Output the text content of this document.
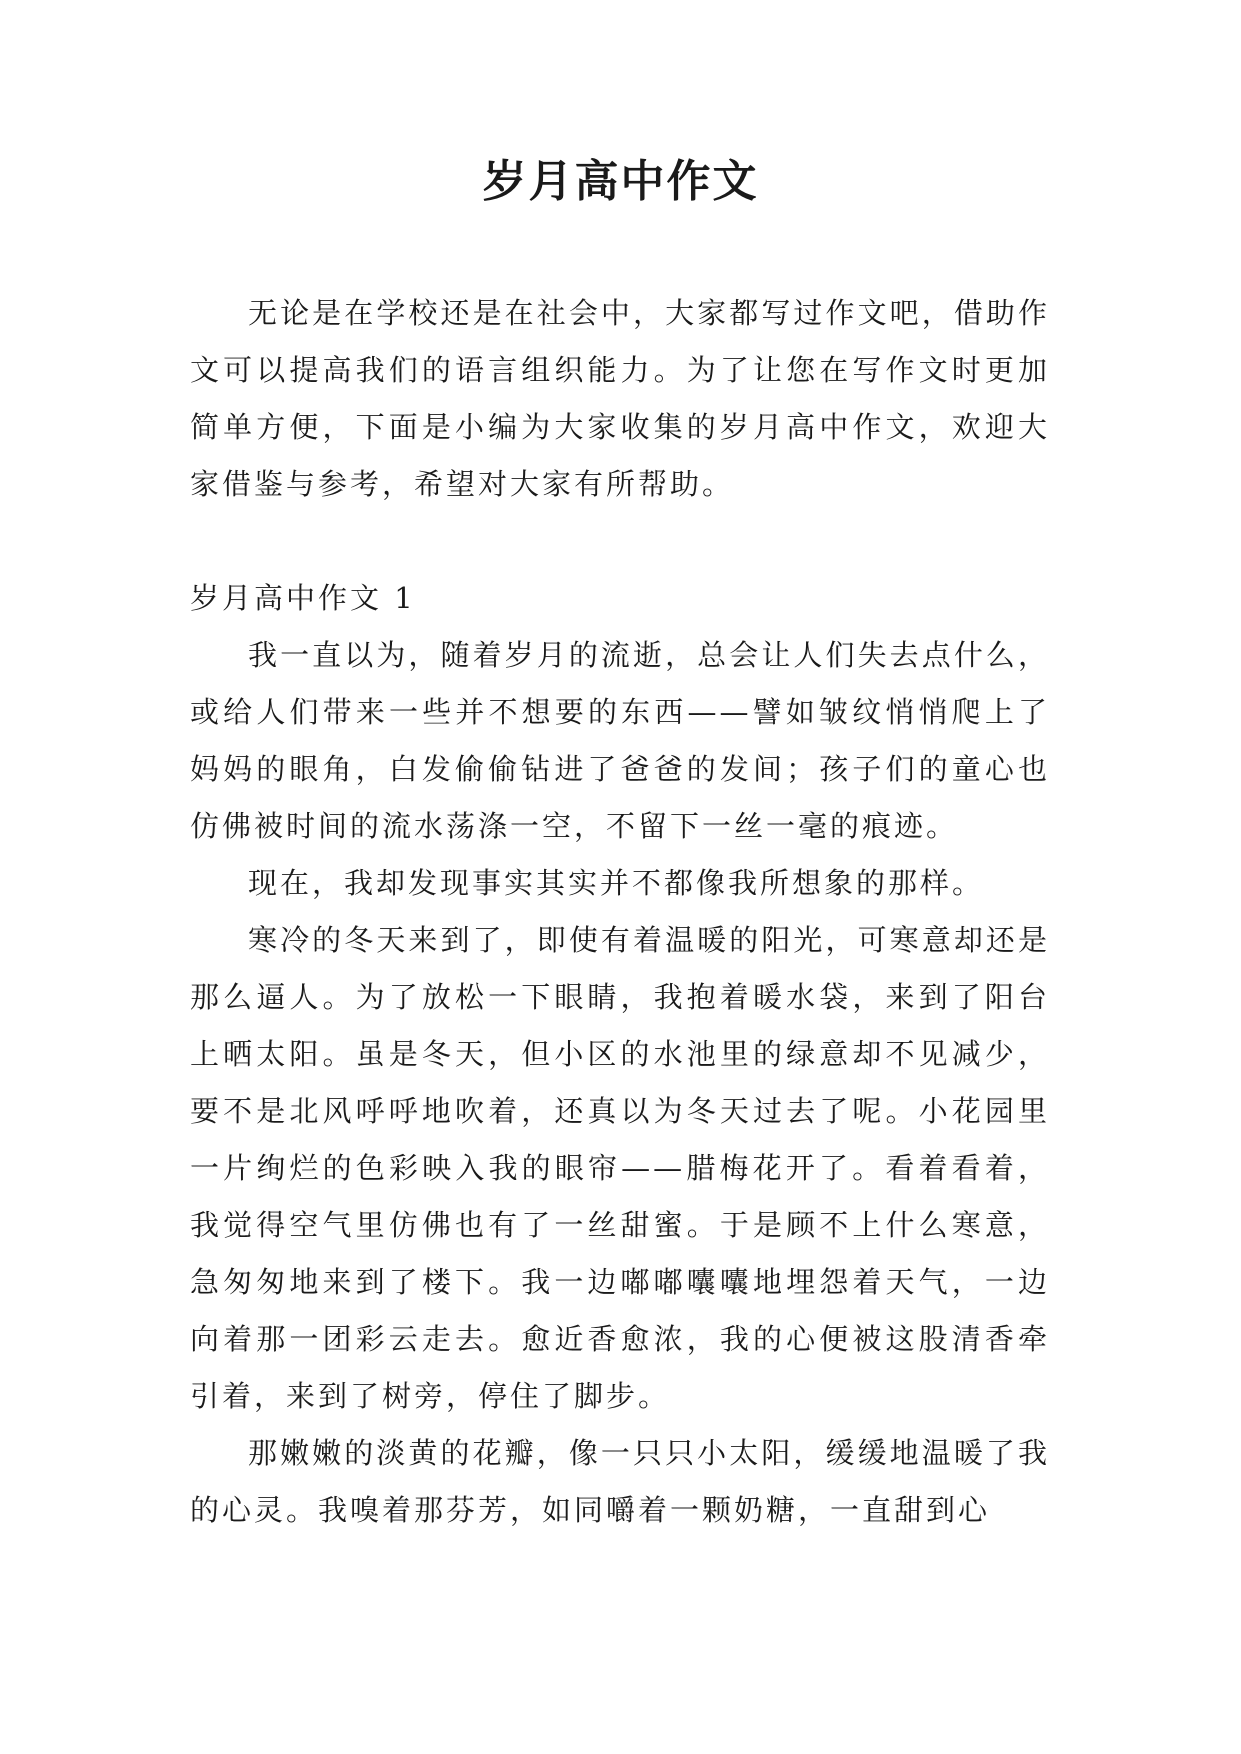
岁月高中作文

无论是在学校还是在社会中，大家都写过作文吧，借助作文可以提高我们的语言组织能力。为了让您在写作文时更加简单方便，下面是小编为大家收集的岁月高中作文，欢迎大家借鉴与参考，希望对大家有所帮助。

岁月高中作文 1

我一直以为，随着岁月的流逝，总会让人们失去点什么，或给人们带来一些并不想要的东西——譬如皱纹悄悄爬上了妈妈的眼角，白发偷偷钻进了爸爸的发间；孩子们的童心也仿佛被时间的流水荡涤一空，不留下一丝一毫的痕迹。

现在，我却发现事实其实并不都像我所想象的那样。

寒冷的冬天来到了，即使有着温暖的阳光，可寒意却还是那么逼人。为了放松一下眼睛，我抱着暖水袋，来到了阳台上晒太阳。虽是冬天，但小区的水池里的绿意却不见减少，要不是北风呼呼地吹着，还真以为冬天过去了呢。小花园里一片绚烂的色彩映入我的眼帘——腊梅花开了。看着看着，我觉得空气里仿佛也有了一丝甜蜜。于是顾不上什么寒意，急匆匆地来到了楼下。我一边嘟嘟囔囔地埋怨着天气，一边向着那一团彩云走去。愈近香愈浓，我的心便被这股清香牵引着，来到了树旁，停住了脚步。

那嫩嫩的淡黄的花瓣，像一只只小太阳，缓缓地温暖了我的心灵。我嗅着那芬芳，如同嚼着一颗奶糖，一直甜到心
